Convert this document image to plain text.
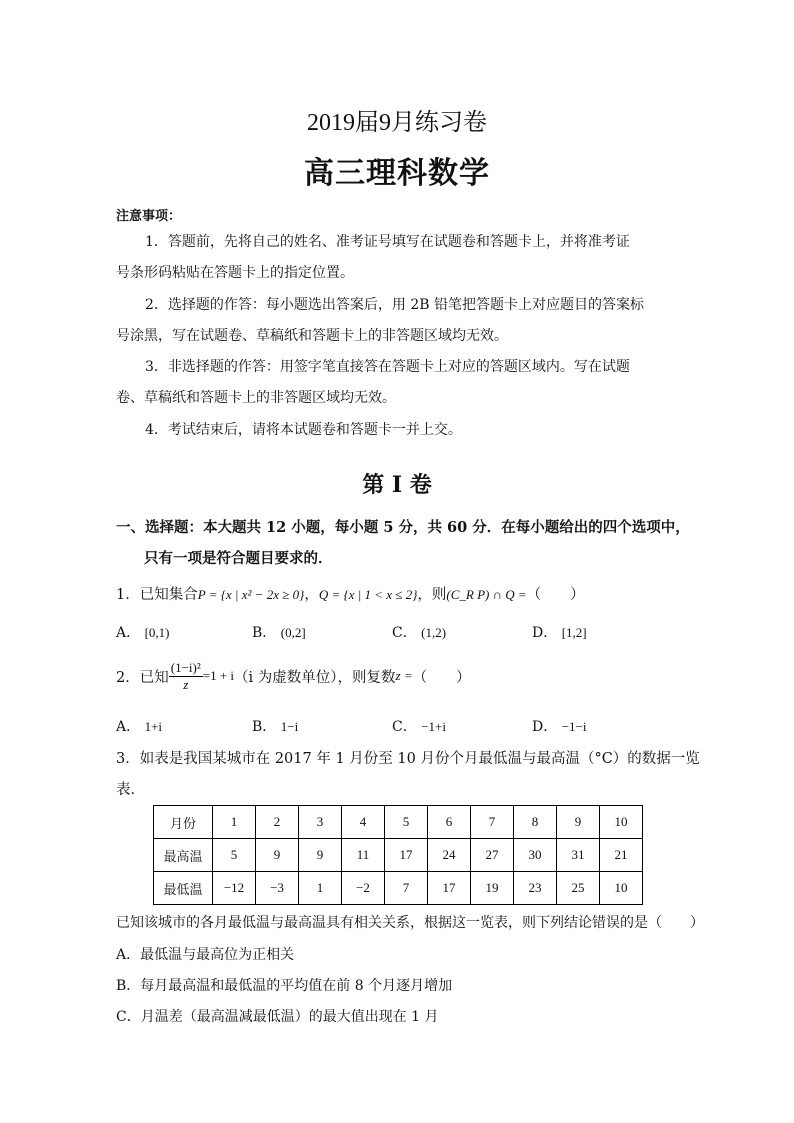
2019届9月练习卷
高三理科数学
注意事项：
1．答题前，先将自己的姓名、准考证号填写在试题卷和答题卡上，并将准考证
号条形码粘贴在答题卡上的指定位置。
2．选择题的作答：每小题选出答案后，用 2B 铅笔把答题卡上对应题目的答案标
号涂黑，写在试题卷、草稿纸和答题卡上的非答题区域均无效。
3．非选择题的作答：用签字笔直接答在答题卡上对应的答题区域内。写在试题
卷、草稿纸和答题卡上的非答题区域均无效。
4．考试结束后，请将本试题卷和答题卡一并上交。
第 I 卷
一、选择题：本大题共 12 小题，每小题 5 分，共 60 分．在每小题给出的四个选项中，
只有一项是符合题目要求的．
1．已知集合P = {x | x² − 2x ≥ 0}，Q = {x | 1 < x ≤ 2}，则(C_R P) ∩ Q =（　　）
A． [0,1)	B． (0,2]	C． (1,2)	D． [1,2]
2．已知 $\frac{\text{(1−i)²}}{z} =1 + i$ （i 为虚数单位），则复数 z = （　　）
A． 1+i	B． 1−i	C． −1+i	D． −1−i
3．如表是我国某城市在 2017 年 1 月份至 10 月份个月最低温与最高温（°C）的数据一览
表．
月份	1	2	3	4	5	6	7	8	9	10
最高温	5	9	9	11	17	24	27	30	31	21
最低温	−12	−3	1	−2	7	17	19	23	25	10
已知该城市的各月最低温与最高温具有相关关系，根据这一览表，则下列结论错误的是（　　）
A．最低温与最高位为正相关
B．每月最高温和最低温的平均值在前 8 个月逐月增加
C．月温差（最高温减最低温）的最大值出现在 1 月
